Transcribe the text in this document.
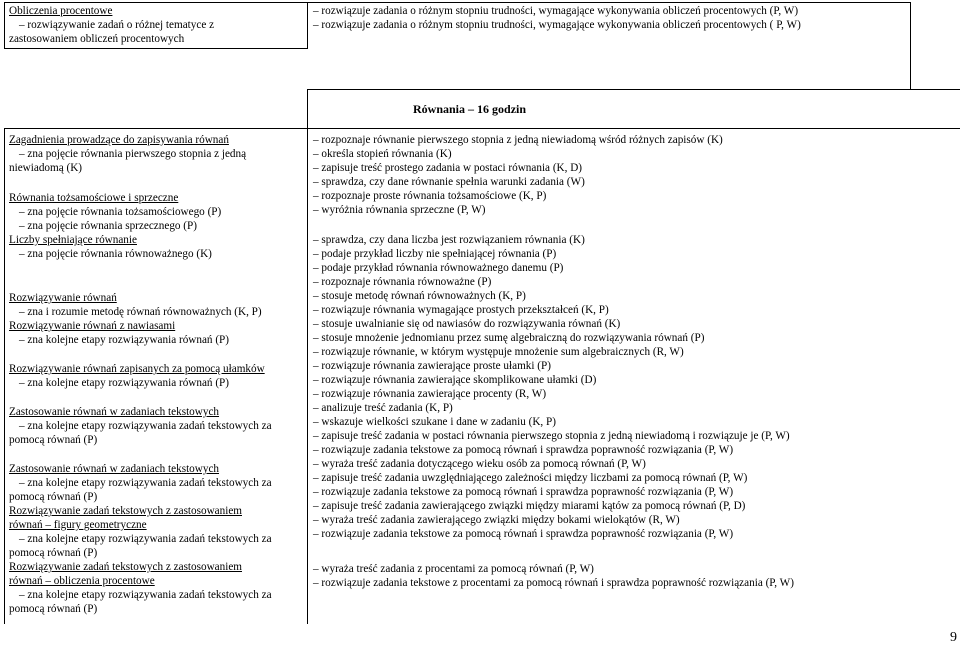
Obliczenia procentowe
– rozwiązywanie zadań o różnej tematyce z
zastosowaniem obliczeń procentowych
– rozwiązuje zadania o różnym stopniu trudności, wymagające wykonywania obliczeń procentowych (P, W)
– rozwiązuje zadania o różnym stopniu trudności, wymagające wykonywania obliczeń procentowych ( P, W)
Równania – 16 godzin
Zagadnienia prowadzące do zapisywania równań
– zna pojęcie równania pierwszego stopnia z jedną
niewiadomą (K)
Równania tożsamościowe i sprzeczne
– zna pojęcie równania tożsamościowego (P)
– zna pojęcie równania sprzecznego (P)
Liczby spełniające równanie
– zna pojęcie równania równoważnego (K)
Rozwiązywanie równań
– zna i rozumie metodę równań równoważnych (K, P)
Rozwiązywanie równań z nawiasami
– zna kolejne etapy rozwiązywania równań (P)
Rozwiązywanie równań zapisanych za pomocą ułamków
– zna kolejne etapy rozwiązywania równań (P)
Zastosowanie równań w zadaniach tekstowych
– zna kolejne etapy rozwiązywania zadań tekstowych za
pomocą równań (P)
Zastosowanie równań w zadaniach tekstowych
– zna kolejne etapy rozwiązywania zadań tekstowych za
pomocą równań (P)
Rozwiązywanie zadań tekstowych z zastosowaniem
równań – figury geometryczne
– zna kolejne etapy rozwiązywania zadań tekstowych za
pomocą równań (P)
Rozwiązywanie zadań tekstowych z zastosowaniem
równań – obliczenia procentowe
– zna kolejne etapy rozwiązywania zadań tekstowych za
pomocą równań (P)
– rozpoznaje równanie pierwszego stopnia z jedną niewiadomą wśród różnych zapisów (K)
– określa stopień równania (K)
– zapisuje treść prostego zadania w postaci równania (K, D)
– sprawdza, czy dane równanie spełnia warunki zadania (W)
– rozpoznaje proste równania tożsamościowe (K, P)
– wyróżnia równania sprzeczne (P, W)
– sprawdza, czy dana liczba jest rozwiązaniem równania (K)
– podaje przykład liczby nie spełniającej równania (P)
– podaje przykład równania równoważnego danemu (P)
– rozpoznaje równania równoważne (P)
– stosuje metodę równań równoważnych (K, P)
– rozwiązuje równania wymagające prostych przekształceń (K, P)
– stosuje uwalnianie się od nawiasów do rozwiązywania równań (K)
– stosuje mnożenie jednomianu przez sumę algebraiczną do rozwiązywania równań (P)
– rozwiązuje równanie, w którym występuje mnożenie sum algebraicznych (R, W)
– rozwiązuje równania zawierające proste ułamki (P)
– rozwiązuje równania zawierające skomplikowane ułamki (D)
– rozwiązuje równania zawierające procenty (R, W)
– analizuje treść zadania (K, P)
– wskazuje wielkości szukane i dane w zadaniu (K, P)
– zapisuje treść zadania w postaci równania pierwszego stopnia z jedną niewiadomą i rozwiązuje je (P, W)
– rozwiązuje zadania tekstowe za pomocą równań i sprawdza poprawność rozwiązania (P, W)
– wyraża treść zadania dotyczącego wieku osób za pomocą równań (P, W)
– zapisuje treść zadania uwzględniającego zależności między liczbami za pomocą równań (P, W)
– rozwiązuje zadania tekstowe za pomocą równań i sprawdza poprawność rozwiązania (P, W)
– zapisuje treść zadania zawierającego związki między miarami kątów za pomocą równań (P, D)
– wyraża treść zadania zawierającego związki między bokami wielokątów (R, W)
– rozwiązuje zadania tekstowe za pomocą równań i sprawdza poprawność rozwiązania (P, W)
– wyraża treść zadania z procentami za pomocą równań (P, W)
– rozwiązuje zadania tekstowe z procentami za pomocą równań i sprawdza poprawność rozwiązania (P, W)
9
